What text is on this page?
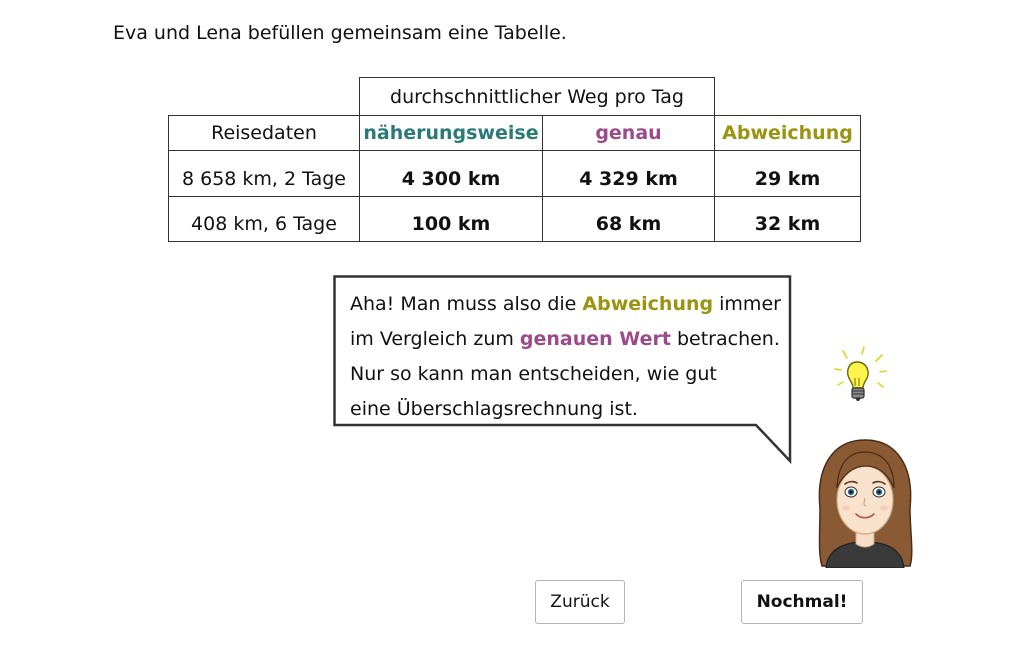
Eva und Lena befüllen gemeinsam eine Tabelle.
durchschnittlicher Weg pro Tag
Reisedaten	näherungsweise	genau	Abweichung
8 658 km, 2 Tage	4 300 km	4 329 km	29 km
408 km, 6 Tage	100 km	68 km	32 km
Aha! Man muss also die Abweichung immer
im Vergleich zum genauen Wert betrachen.
Nur so kann man entscheiden, wie gut
eine Überschlagsrechnung ist.
Zurück	Nochmal!
